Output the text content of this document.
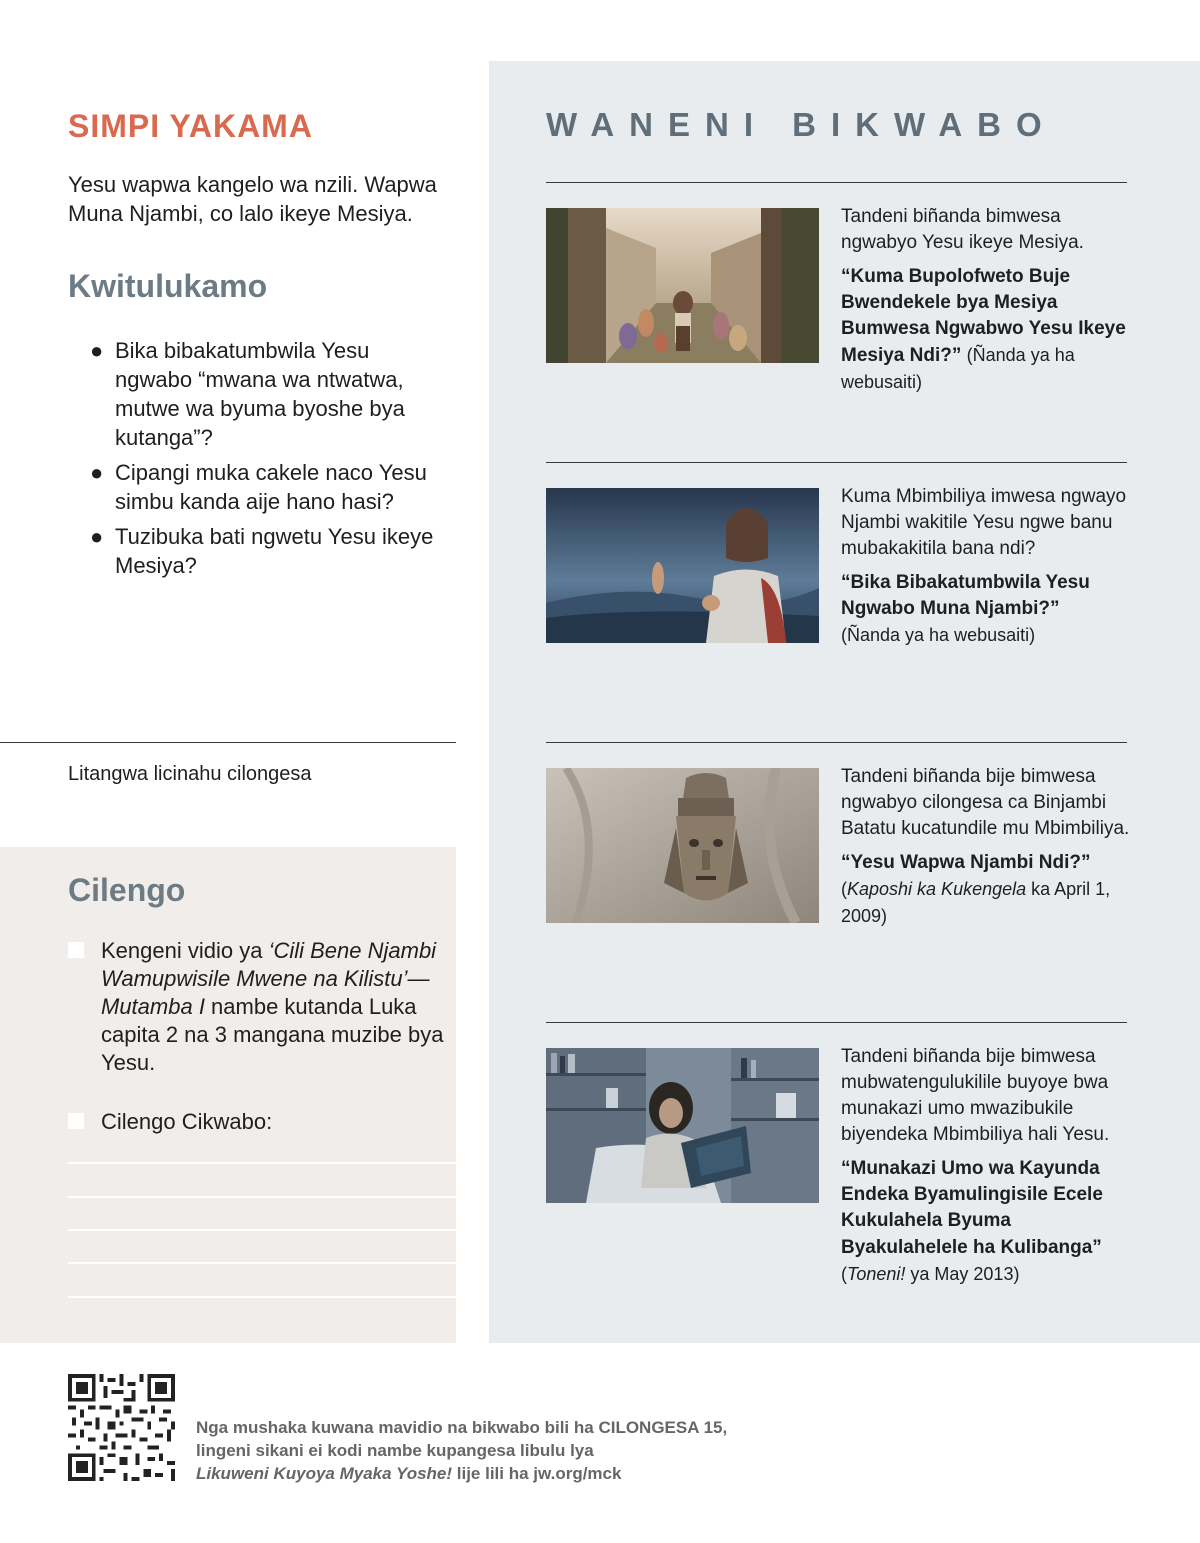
SIMPI YAKAMA

Yesu wapwa kangelo wa nzili. Wapwa Muna Njambi, co lalo ikeye Mesiya.

Kwitulukamo
● Bika bibakatumbwila Yesu ngwabo “mwana wa ntwatwa, mutwe wa byuma byoshe bya kutanga”?
● Cipangi muka cakele naco Yesu simbu kanda aije hano hasi?
● Tuzibuka bati ngwetu Yesu ikeye Mesiya?
Litangwa licinahu cilongesa
Cilengo
Kengeni vidio ya ‘Cili Bene Njambi Wamupwisile Mwene na Kilistu’—Mutamba I nambe kutanda Luka capita 2 na 3 mangana muzibe bya Yesu.
Cilengo Cikwabo:
WANENI BIKWABO
Tandeni biñanda bimwesa ngwabyo Yesu ikeye Mesiya.
“Kuma Bupolofweto Buje Bwendekele bya Mesiya Bumwesa Ngwabwo Yesu Ikeye Mesiya Ndi?” (Ñanda ya ha webusaiti)
Kuma Mbimbiliya imwesa ngwayo Njambi wakitile Yesu ngwe banu mubakakitila bana ndi?
“Bika Bibakatumbwila Yesu Ngwabo Muna Njambi?”
(Ñanda ya ha webusaiti)
Tandeni biñanda bije bimwesa ngwabyo cilongesa ca Binjambi Batatu kucatundile mu Mbimbiliya.
“Yesu Wapwa Njambi Ndi?”
(Kaposhi ka Kukengela ka April 1, 2009)
Tandeni biñanda bije bimwesa mubwatengulukilile buyoye bwa munakazi umo mwazibukile biyendeka Mbimbiliya hali Yesu.
“Munakazi Umo wa Kayunda Endeka Byamulingisile Ecele Kukulahela Byuma Byakulahelele ha Kulibanga” (Toneni! ya May 2013)
Nga mushaka kuwana mavidio na bikwabo bili ha CILONGESA 15,
lingeni sikani ei kodi nambe kupangesa libulu lya
Likuweni Kuyoya Myaka Yoshe! lije lili ha jw.org/mck
